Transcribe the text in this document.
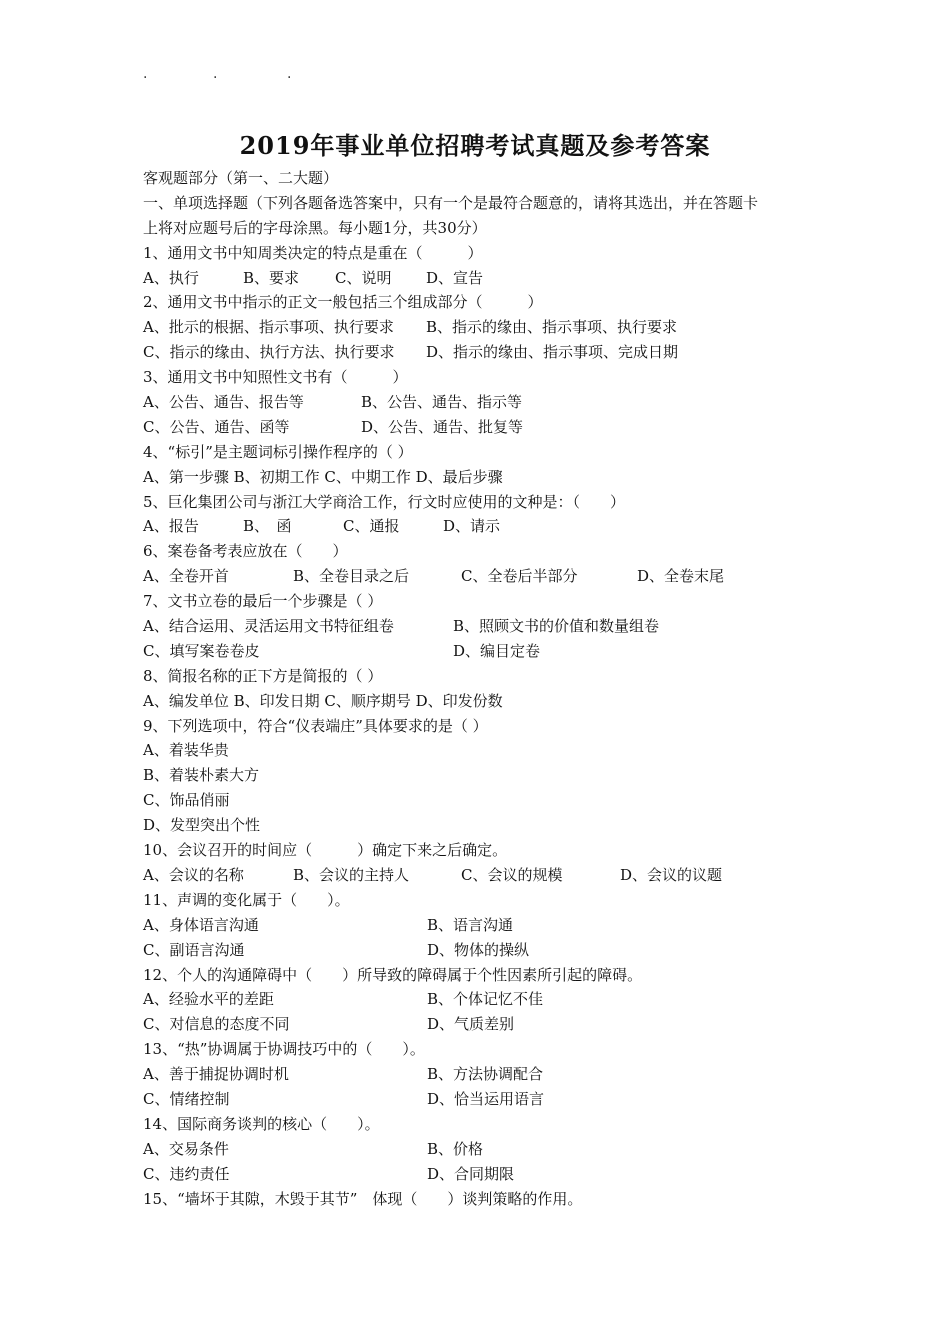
.	.	.
2019年事业单位招聘考试真题及参考答案
客观题部分（第一、二大题）
一、单项选择题（下列各题备选答案中，只有一个是最符合题意的，请将其选出，并在答题卡
上将对应题号后的字母涂黑。每小题1分，共30分）
1、通用文书中知周类决定的特点是重在（　　　）
A、执行	B、要求 C、说明 D、宣告
2、通用文书中指示的正文一般包括三个组成部分（　　　）
A、批示的根据、指示事项、执行要求 B、指示的缘由、指示事项、执行要求
C、指示的缘由、执行方法、执行要求 D、指示的缘由、指示事项、完成日期
3、通用文书中知照性文书有（　　　）
A、公告、通告、报告等	B、公告、通告、指示等
C、公告、通告、函等	D、公告、通告、批复等
4、“标引”是主题词标引操作程序的（ ）
A、第一步骤 B、初期工作 C、中期工作 D、最后步骤
5、巨化集团公司与浙江大学商洽工作，行文时应使用的文种是：（　　）
A、报告	B、　函	C、通报	D、请示
6、案卷备考表应放在（　　）
A、全卷开首	B、全卷目录之后	C、全卷后半部分	D、全卷末尾
7、文书立卷的最后一个步骤是（ ）
A、结合运用、灵活运用文书特征组卷	B、照顾文书的价值和数量组卷
C、填写案卷卷皮	D、编目定卷
8、简报名称的正下方是简报的（ ）
A、编发单位 B、印发日期 C、顺序期号 D、印发份数
9、下列选项中，符合“仪表端庄”具体要求的是（ ）
A、着装华贵
B、着装朴素大方
C、饰品俏丽
D、发型突出个性
10、会议召开的时间应（　　　）确定下来之后确定。
A、会议的名称	B、会议的主持人	C、会议的规模	D、会议的议题
11、声调的变化属于（　　）。
A、身体语言沟通	B、语言沟通
C、副语言沟通	D、物体的操纵
12、个人的沟通障碍中（　　）所导致的障碍属于个性因素所引起的障碍。
A、经验水平的差距	B、个体记忆不佳
C、对信息的态度不同	D、气质差别
13、“热”协调属于协调技巧中的（　　）。
A、善于捕捉协调时机	B、方法协调配合
C、情绪控制	D、恰当运用语言
14、国际商务谈判的核心（　　）。
A、交易条件	B、价格
C、违约责任	D、合同期限
15、“墙坏于其隙，木毁于其节”　体现（　　）谈判策略的作用。
